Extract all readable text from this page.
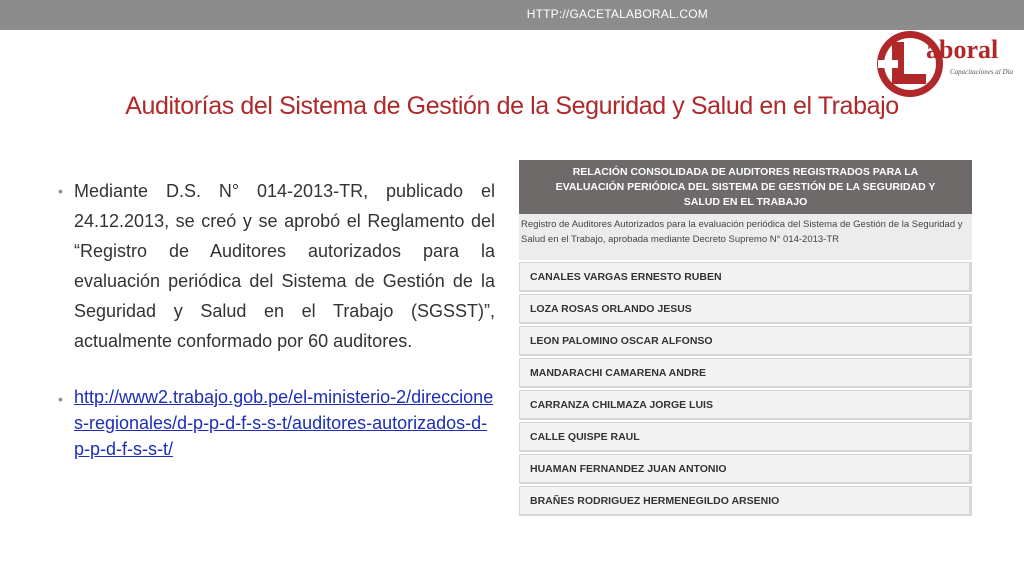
HTTP://GACETALABORAL.COM
aboral
Capacitaciones al Día
Auditorías del Sistema de Gestión de la Seguridad y Salud en el Trabajo
• Mediante D.S. N° 014-2013-TR, publicado el 24.12.2013, se creó y se aprobó el Reglamento del “Registro de Auditores autorizados para la evaluación periódica del Sistema de Gestión de la Seguridad y Salud en el Trabajo (SGSST)”, actualmente conformado por 60 auditores.
• http://www2.trabajo.gob.pe/el-ministerio-2/direcciones-regionales/d-p-p-d-f-s-s-t/auditores-autorizados-d-p-p-d-f-s-s-t/
RELACIÓN CONSOLIDADA DE AUDITORES REGISTRADOS PARA LA EVALUACIÓN PERIÓDICA DEL SISTEMA DE GESTIÓN DE LA SEGURIDAD Y SALUD EN EL TRABAJO
Registro de Auditores Autorizados para la evaluación periódica del Sistema de Gestión de la Seguridad y Salud en el Trabajo, aprobada mediante Decreto Supremo N° 014-2013-TR
CANALES VARGAS ERNESTO RUBEN
LOZA ROSAS ORLANDO JESUS
LEON PALOMINO OSCAR ALFONSO
MANDARACHI CAMARENA ANDRE
CARRANZA CHILMAZA JORGE LUIS
CALLE QUISPE RAUL
HUAMAN FERNANDEZ JUAN ANTONIO
BRAÑES RODRIGUEZ HERMENEGILDO ARSENIO
